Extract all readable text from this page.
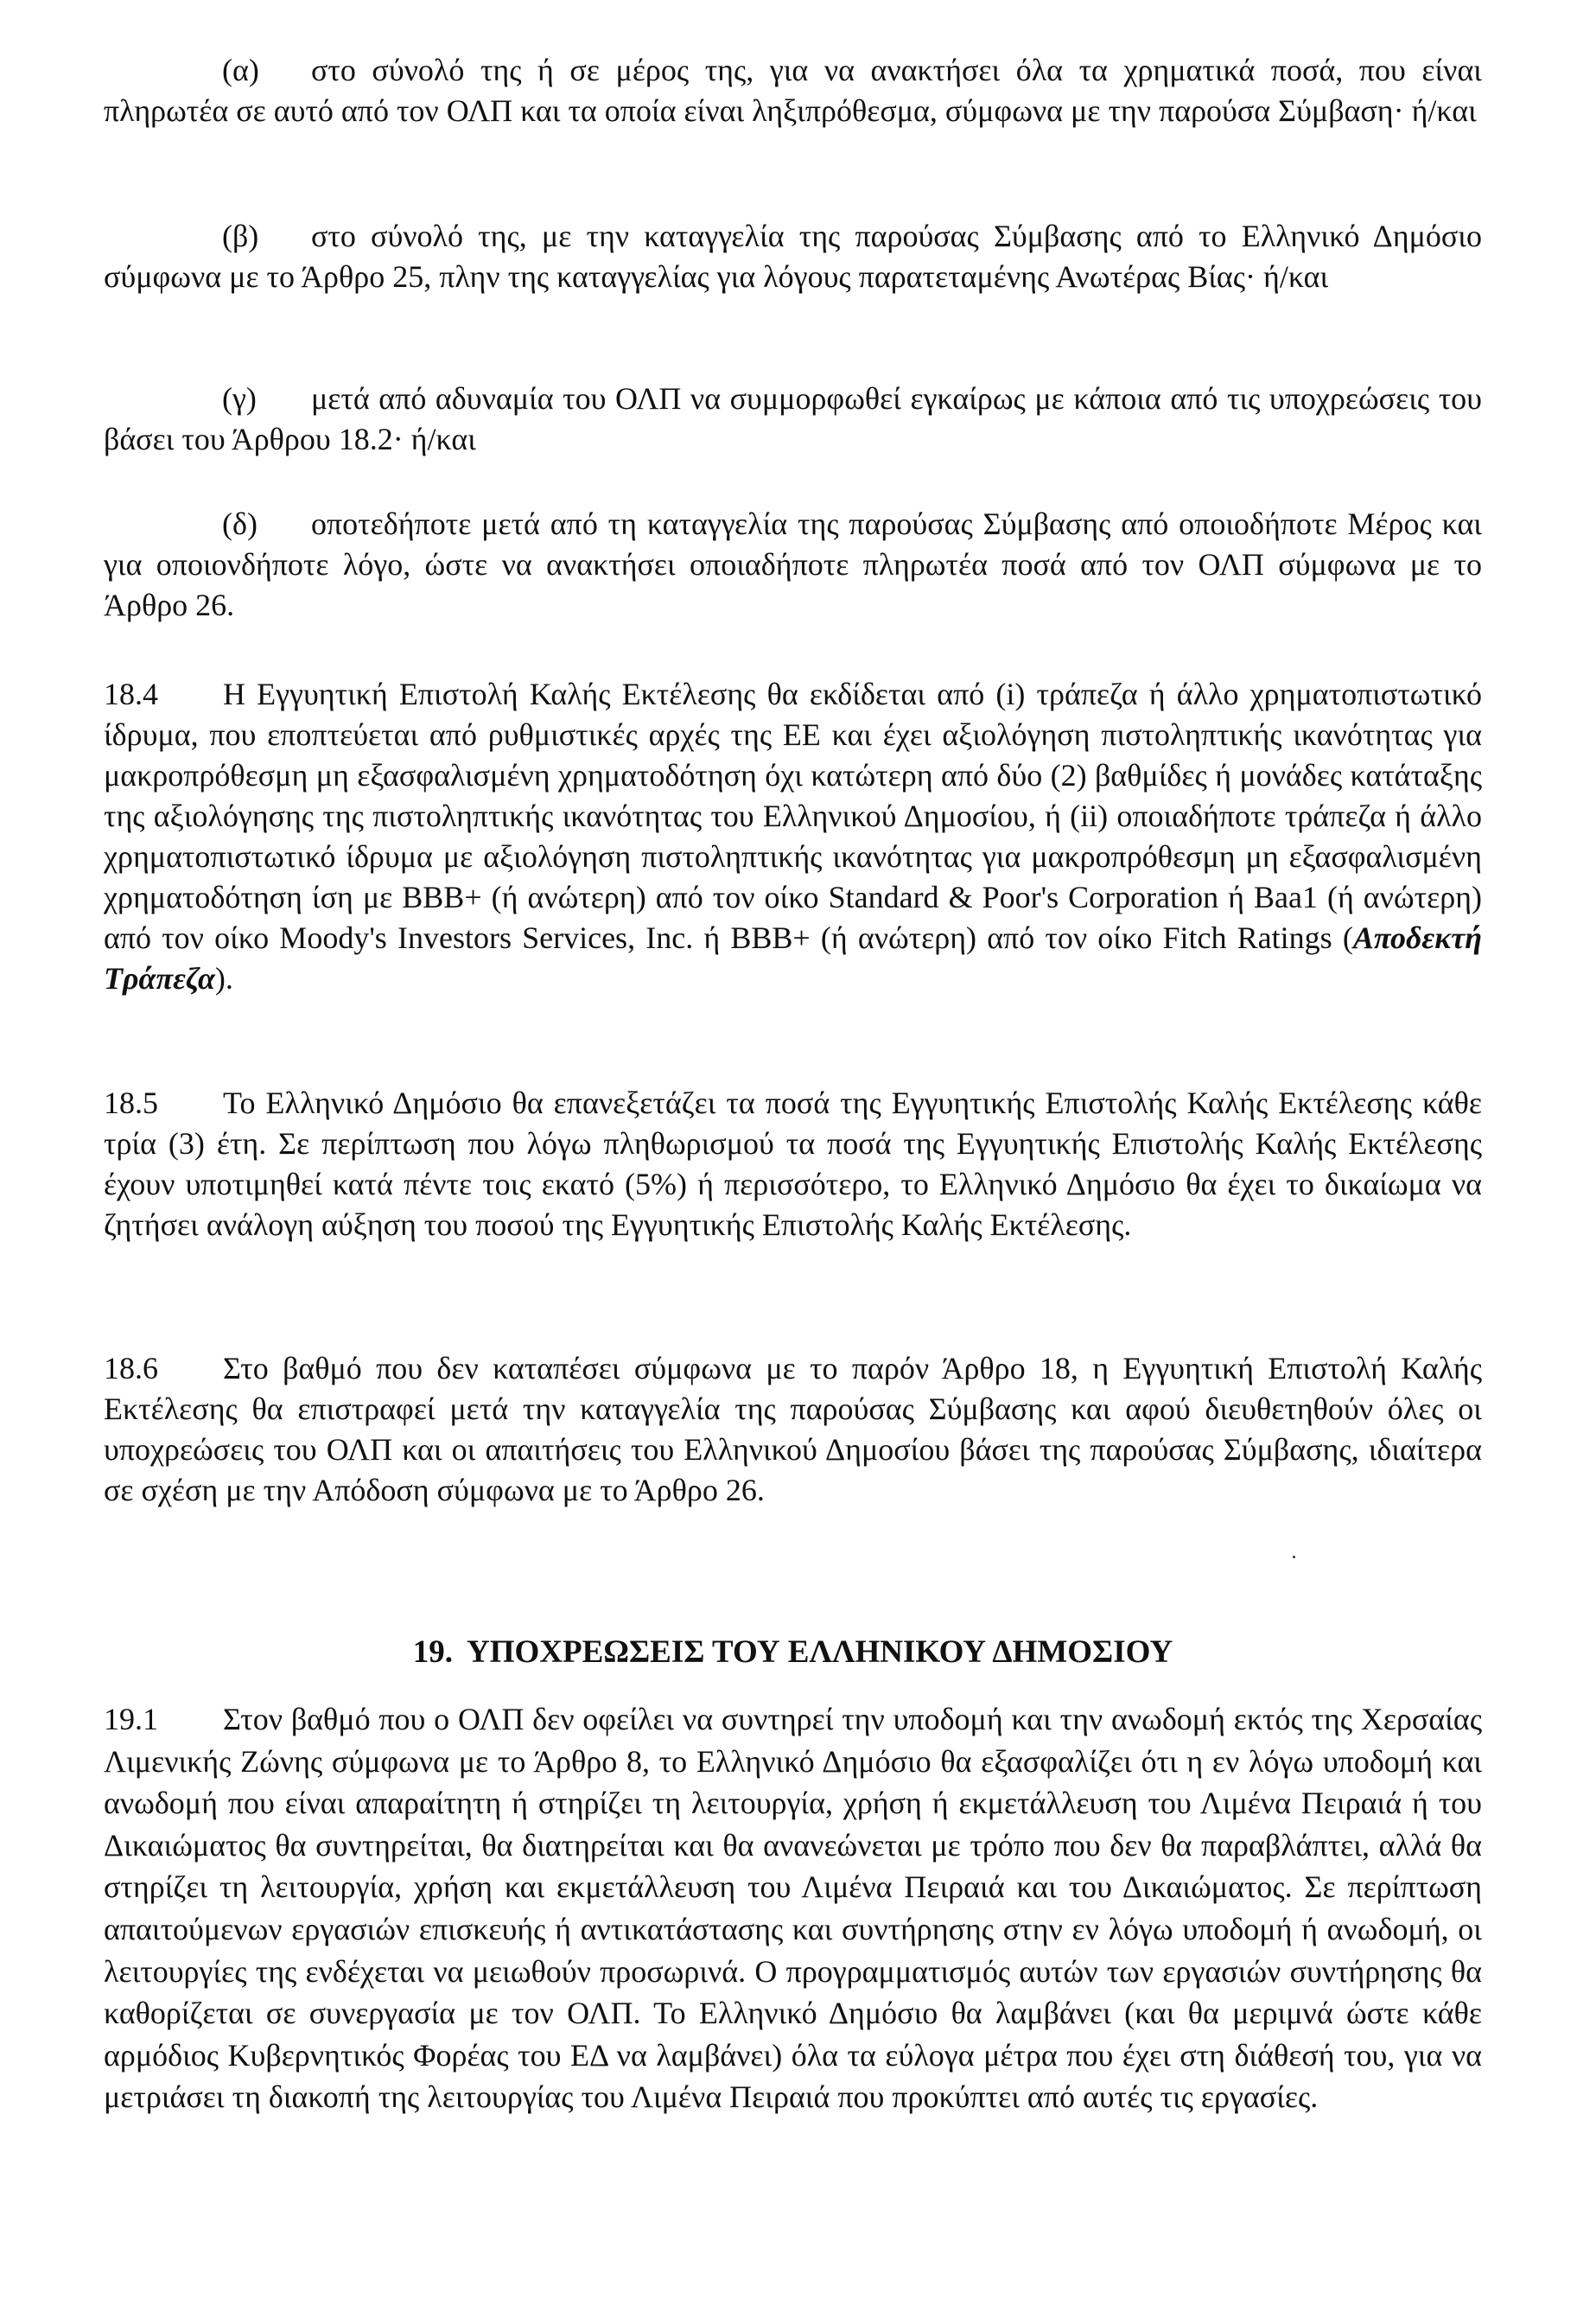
(α) στο σύνολό της ή σε μέρος της, για να ανακτήσει όλα τα χρηματικά ποσά, που είναι πληρωτέα σε αυτό από τον ΟΛΠ και τα οποία είναι ληξιπρόθεσμα, σύμφωνα με την παρούσα Σύμβαση· ή/και

(β) στο σύνολό της, με την καταγγελία της παρούσας Σύμβασης από το Ελληνικό Δημόσιο σύμφωνα με το Άρθρο 25, πλην της καταγγελίας για λόγους παρατεταμένης Ανωτέρας Βίας· ή/και

(γ) μετά από αδυναμία του ΟΛΠ να συμμορφωθεί εγκαίρως με κάποια από τις υποχρεώσεις του βάσει του Άρθρου 18.2· ή/και

(δ) οποτεδήποτε μετά από τη καταγγελία της παρούσας Σύμβασης από οποιοδήποτε Μέρος και για οποιονδήποτε λόγο, ώστε να ανακτήσει οποιαδήποτε πληρωτέα ποσά από τον ΟΛΠ σύμφωνα με το Άρθρο 26.

18.4 Η Εγγυητική Επιστολή Καλής Εκτέλεσης θα εκδίδεται από (i) τράπεζα ή άλλο χρηματοπιστωτικό ίδρυμα, που εποπτεύεται από ρυθμιστικές αρχές της ΕΕ και έχει αξιολόγηση πιστοληπτικής ικανότητας για μακροπρόθεσμη μη εξασφαλισμένη χρηματοδότηση όχι κατώτερη από δύο (2) βαθμίδες ή μονάδες κατάταξης της αξιολόγησης της πιστοληπτικής ικανότητας του Ελληνικού Δημοσίου, ή (ii) οποιαδήποτε τράπεζα ή άλλο χρηματοπιστωτικό ίδρυμα με αξιολόγηση πιστοληπτικής ικανότητας για μακροπρόθεσμη μη εξασφαλισμένη χρηματοδότηση ίση με BBB+ (ή ανώτερη) από τον οίκο Standard & Poor's Corporation ή Baa1 (ή ανώτερη) από τον οίκο Moody's Investors Services, Inc. ή BBB+ (ή ανώτερη) από τον οίκο Fitch Ratings (Αποδεκτή Τράπεζα).

18.5 Το Ελληνικό Δημόσιο θα επανεξετάζει τα ποσά της Εγγυητικής Επιστολής Καλής Εκτέλεσης κάθε τρία (3) έτη. Σε περίπτωση που λόγω πληθωρισμού τα ποσά της Εγγυητικής Επιστολής Καλής Εκτέλεσης έχουν υποτιμηθεί κατά πέντε τοις εκατό (5%) ή περισσότερο, το Ελληνικό Δημόσιο θα έχει το δικαίωμα να ζητήσει ανάλογη αύξηση του ποσού της Εγγυητικής Επιστολής Καλής Εκτέλεσης.

18.6 Στο βαθμό που δεν καταπέσει σύμφωνα με το παρόν Άρθρο 18, η Εγγυητική Επιστολή Καλής Εκτέλεσης θα επιστραφεί μετά την καταγγελία της παρούσας Σύμβασης και αφού διευθετηθούν όλες οι υποχρεώσεις του ΟΛΠ και οι απαιτήσεις του Ελληνικού Δημοσίου βάσει της παρούσας Σύμβασης, ιδιαίτερα σε σχέση με την Απόδοση σύμφωνα με το Άρθρο 26.

19. ΥΠΟΧΡΕΩΣΕΙΣ ΤΟΥ ΕΛΛΗΝΙΚΟΥ ΔΗΜΟΣΙΟΥ

19.1 Στον βαθμό που ο ΟΛΠ δεν οφείλει να συντηρεί την υποδομή και την ανωδομή εκτός της Χερσαίας Λιμενικής Ζώνης σύμφωνα με το Άρθρο 8, το Ελληνικό Δημόσιο θα εξασφαλίζει ότι η εν λόγω υποδομή και ανωδομή που είναι απαραίτητη ή στηρίζει τη λειτουργία, χρήση ή εκμετάλλευση του Λιμένα Πειραιά ή του Δικαιώματος θα συντηρείται, θα διατηρείται και θα ανανεώνεται με τρόπο που δεν θα παραβλάπτει, αλλά θα στηρίζει τη λειτουργία, χρήση και εκμετάλλευση του Λιμένα Πειραιά και του Δικαιώματος. Σε περίπτωση απαιτούμενων εργασιών επισκευής ή αντικατάστασης και συντήρησης στην εν λόγω υποδομή ή ανωδομή, οι λειτουργίες της ενδέχεται να μειωθούν προσωρινά. Ο προγραμματισμός αυτών των εργασιών συντήρησης θα καθορίζεται σε συνεργασία με τον ΟΛΠ. Το Ελληνικό Δημόσιο θα λαμβάνει (και θα μεριμνά ώστε κάθε αρμόδιος Κυβερνητικός Φορέας του ΕΔ να λαμβάνει) όλα τα εύλογα μέτρα που έχει στη διάθεσή του, για να μετριάσει τη διακοπή της λειτουργίας του Λιμένα Πειραιά που προκύπτει από αυτές τις εργασίες.
